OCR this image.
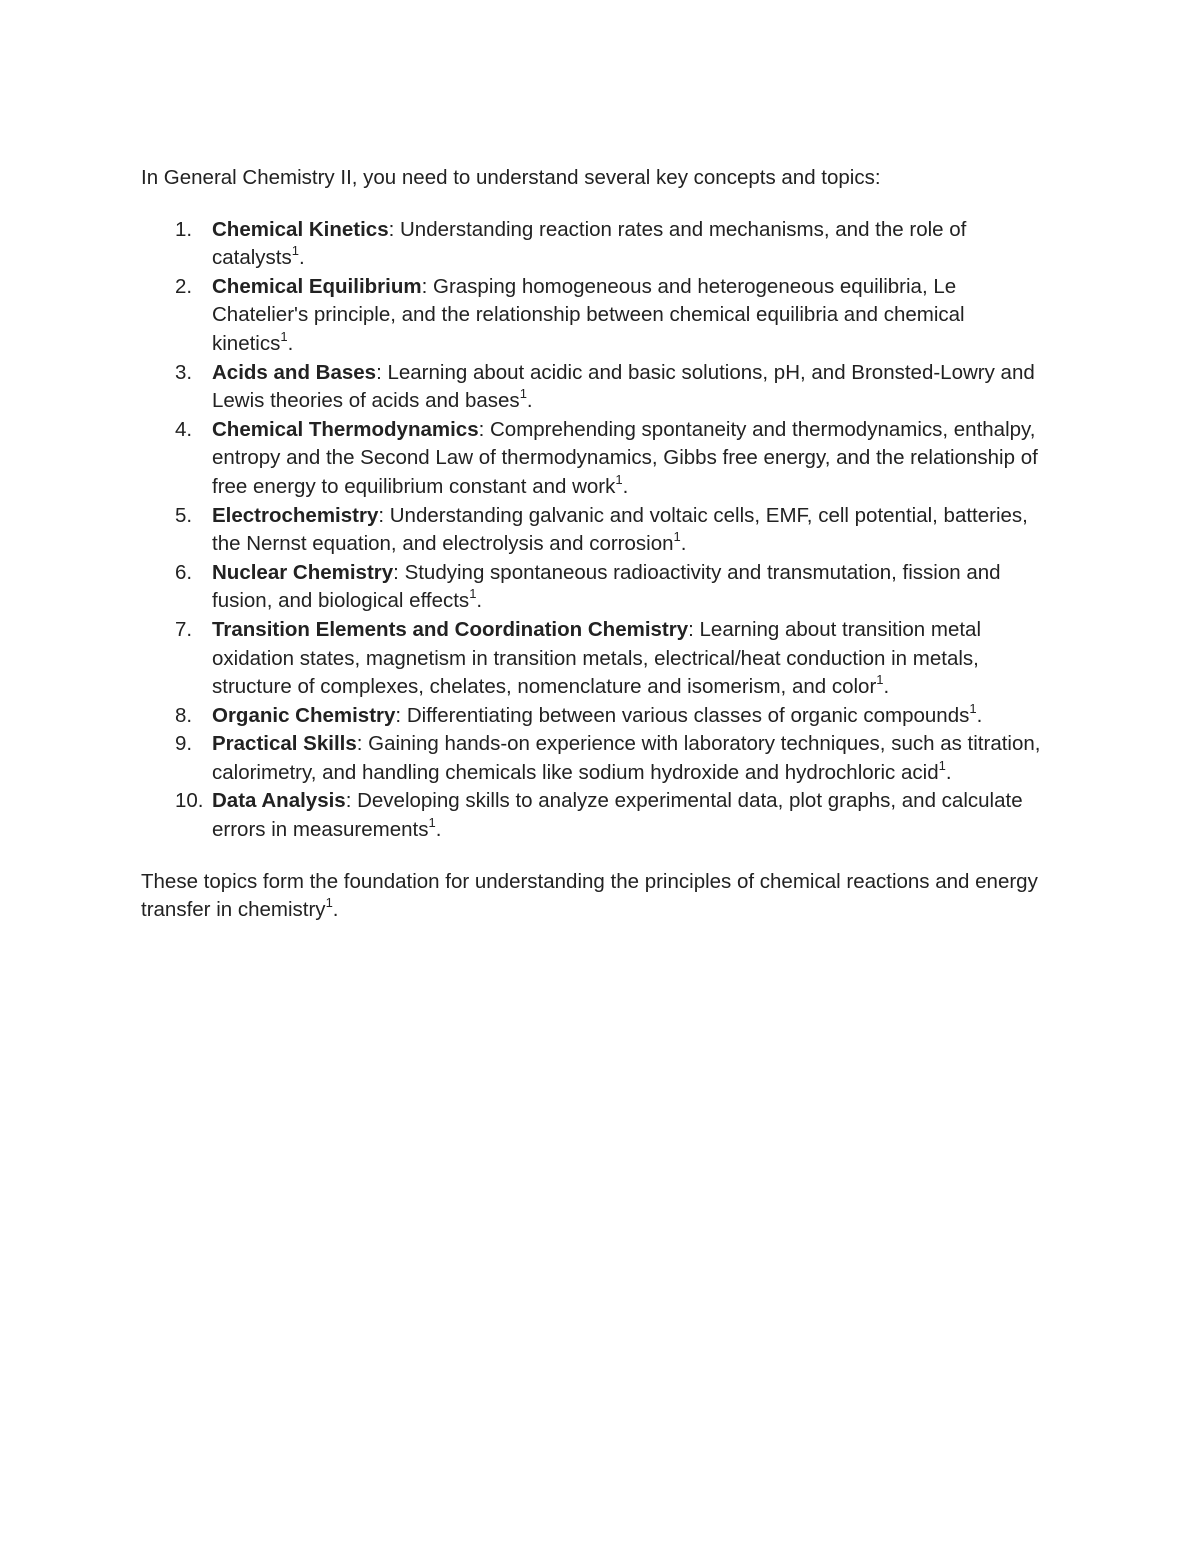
In General Chemistry II, you need to understand several key concepts and topics:

1. Chemical Kinetics: Understanding reaction rates and mechanisms, and the role of catalysts$^1$.
2. Chemical Equilibrium: Grasping homogeneous and heterogeneous equilibria, Le Chatelier's principle, and the relationship between chemical equilibria and chemical kinetics$^1$.
3. Acids and Bases: Learning about acidic and basic solutions, pH, and Bronsted-Lowry and Lewis theories of acids and bases$^1$.
4. Chemical Thermodynamics: Comprehending spontaneity and thermodynamics, enthalpy, entropy and the Second Law of thermodynamics, Gibbs free energy, and the relationship of free energy to equilibrium constant and work$^1$.
5. Electrochemistry: Understanding galvanic and voltaic cells, EMF, cell potential, batteries, the Nernst equation, and electrolysis and corrosion$^1$.
6. Nuclear Chemistry: Studying spontaneous radioactivity and transmutation, fission and fusion, and biological effects$^1$.
7. Transition Elements and Coordination Chemistry: Learning about transition metal oxidation states, magnetism in transition metals, electrical/heat conduction in metals, structure of complexes, chelates, nomenclature and isomerism, and color$^1$.
8. Organic Chemistry: Differentiating between various classes of organic compounds$^1$.
9. Practical Skills: Gaining hands-on experience with laboratory techniques, such as titration, calorimetry, and handling chemicals like sodium hydroxide and hydrochloric acid$^1$.
10. Data Analysis: Developing skills to analyze experimental data, plot graphs, and calculate errors in measurements$^1$.

These topics form the foundation for understanding the principles of chemical reactions and energy transfer in chemistry$^1$.
